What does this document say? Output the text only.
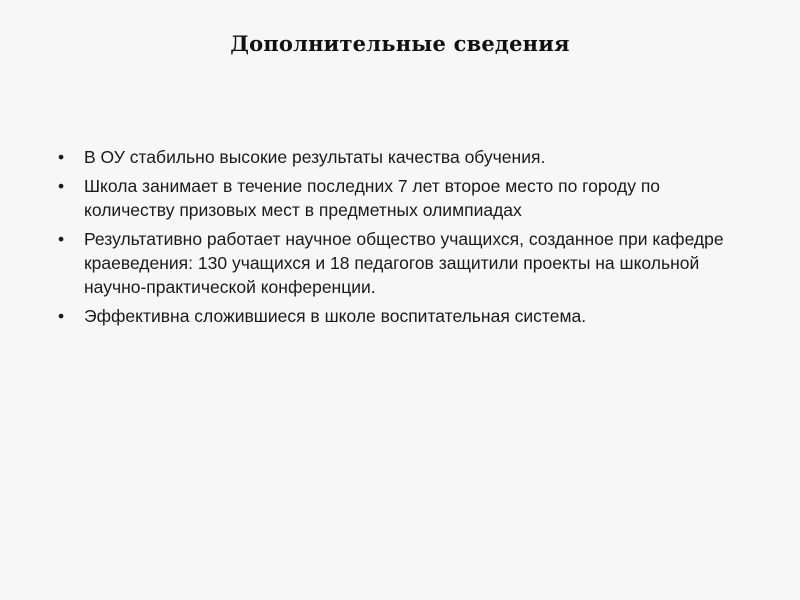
Дополнительные сведения
•	В ОУ стабильно высокие результаты качества обучения.
•	Школа занимает в течение последних 7 лет второе место по городу по количеству призовых мест в предметных олимпиадах
•	Результативно работает научное общество учащихся, созданное при кафедре краеведения: 130 учащихся и 18 педагогов защитили проекты на школьной научно-практической конференции.
•	Эффективна сложившиеся в школе воспитательная система.
